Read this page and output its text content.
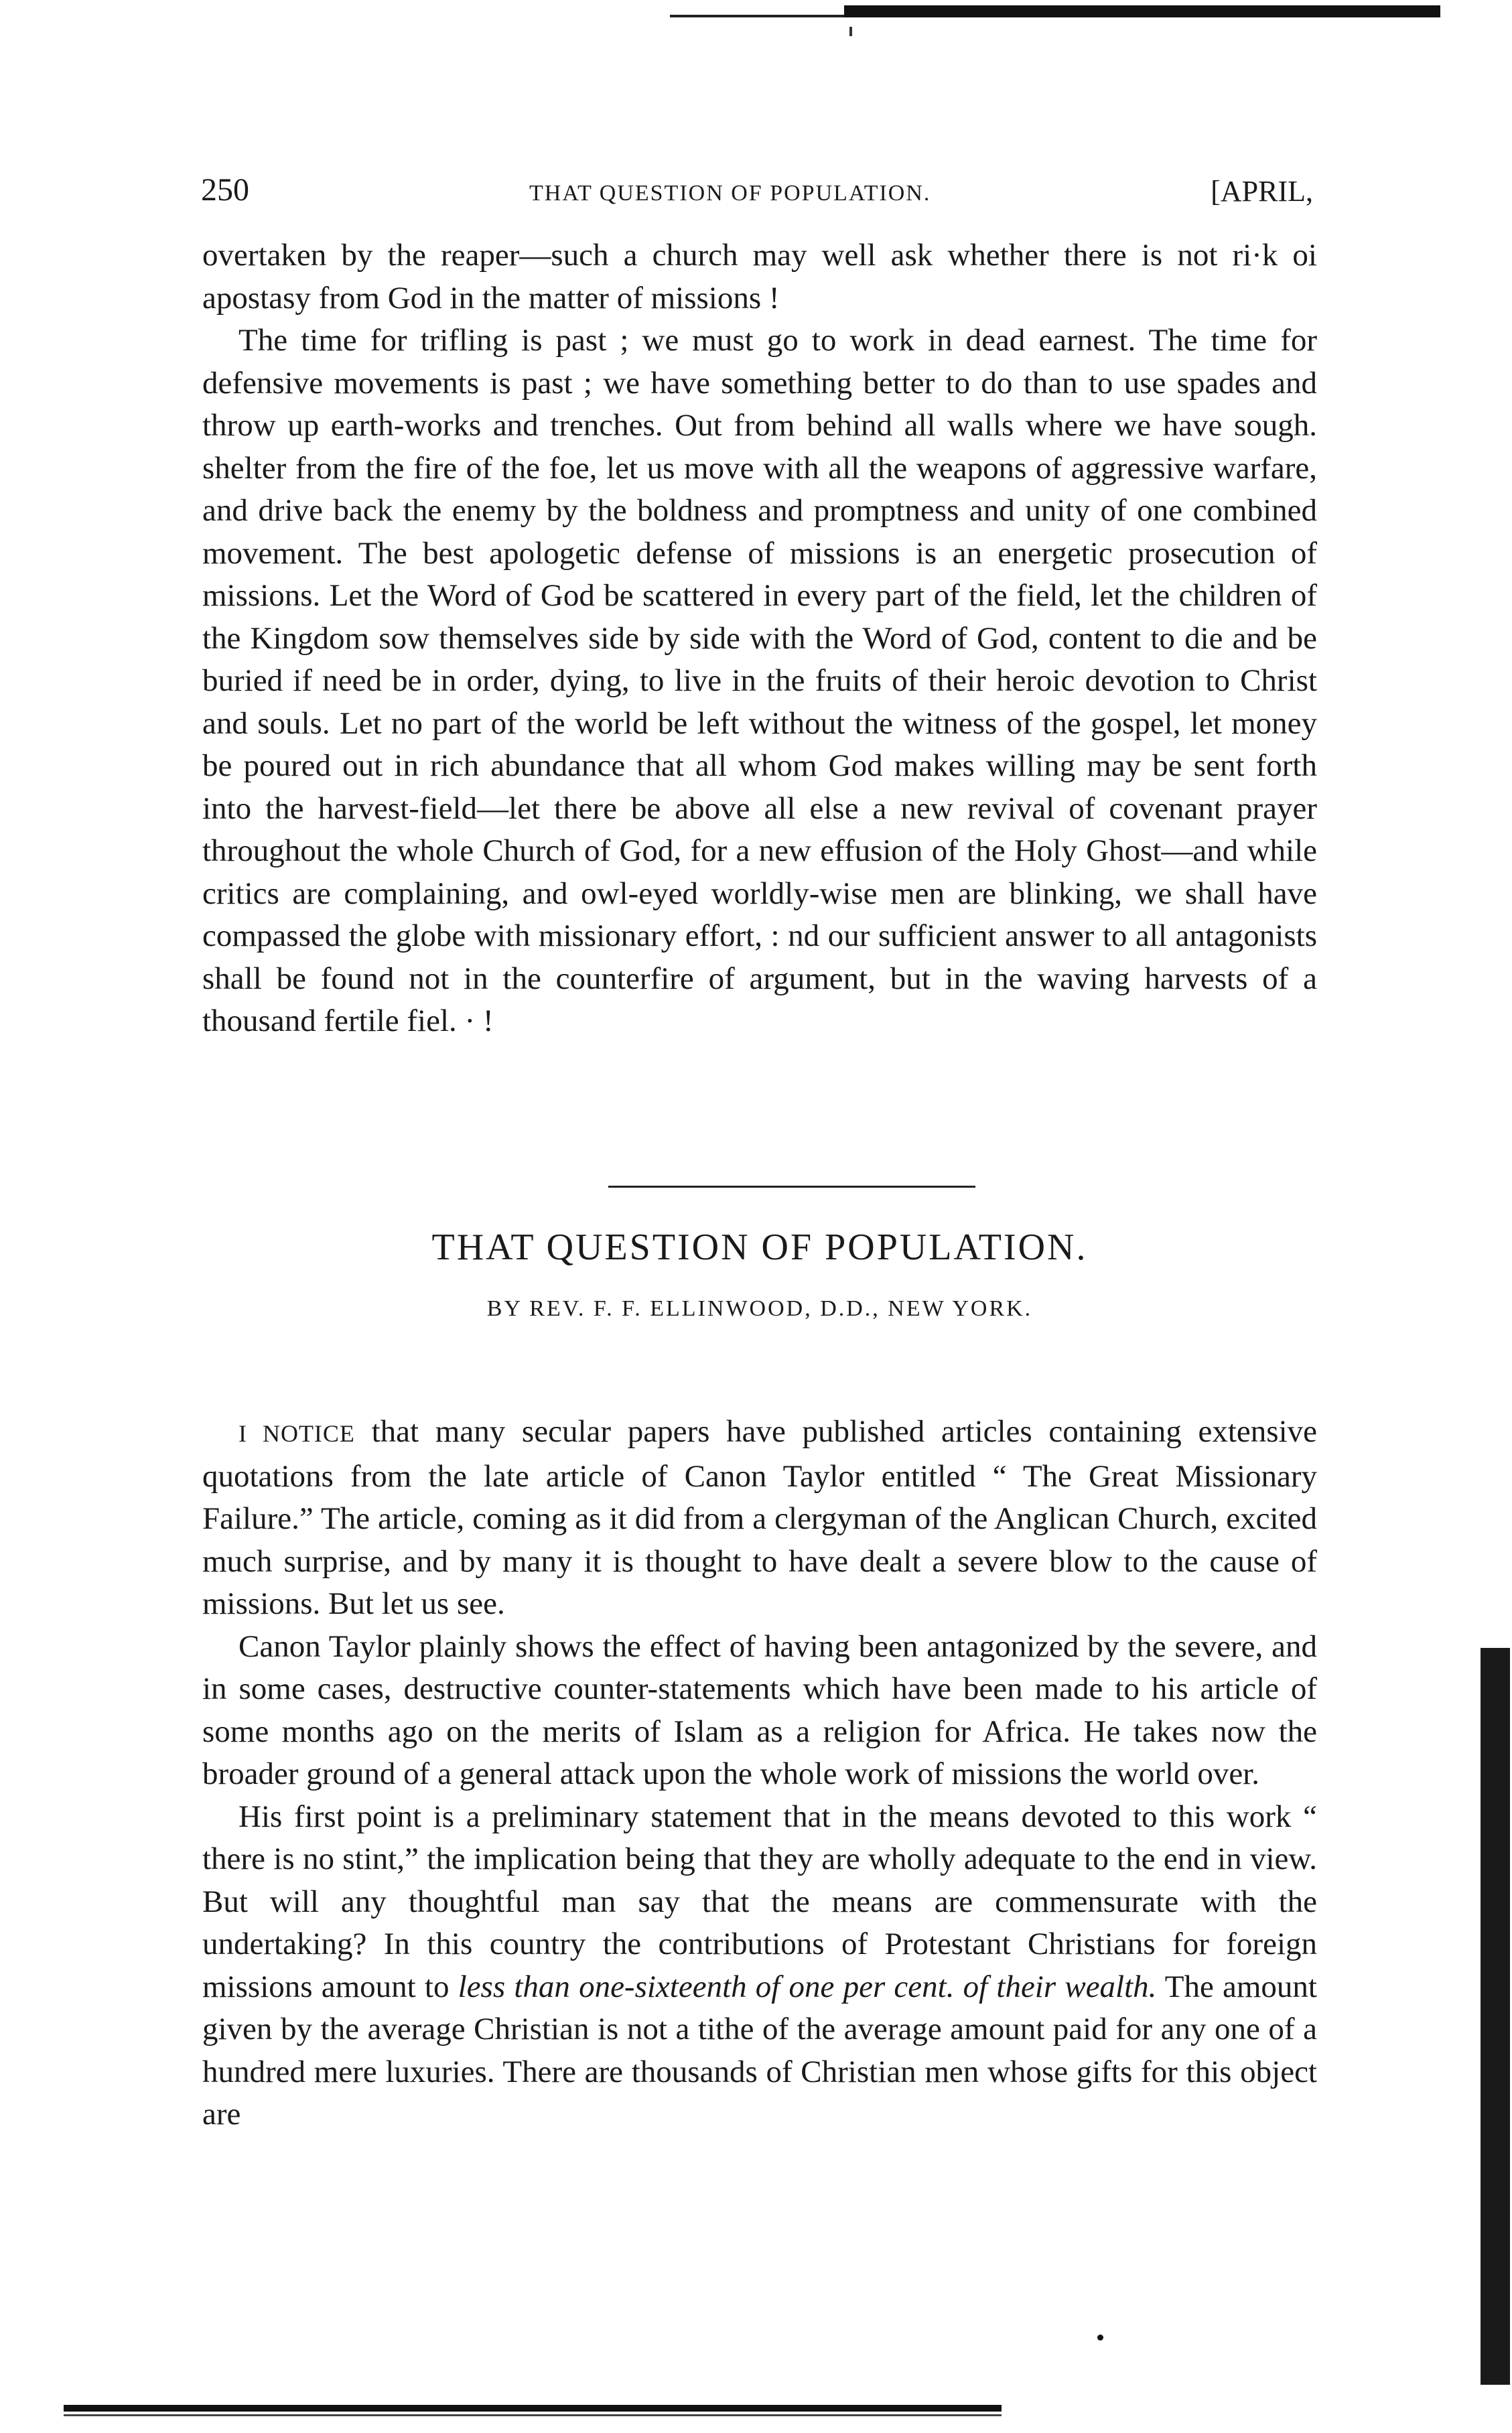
250	THAT QUESTION OF POPULATION.	[APRIL,

overtaken by the reaper—such a church may well ask whether there is not ri·k oi apostasy from God in the matter of missions !

The time for trifling is past ; we must go to work in dead earnest. The time for defensive movements is past ; we have something better to do than to use spades and throw up earth-works and trenches. Out from behind all walls where we have sough. shelter from the fire of the foe, let us move with all the weapons of aggressive warfare, and drive back the enemy by the boldness and promptness and unity of one combined movement. The best apologetic defense of missions is an energetic prosecution of missions. Let the Word of God be scattered in every part of the field, let the children of the Kingdom sow themselves side by side with the Word of God, content to die and be buried if need be in order, dying, to live in the fruits of their heroic devotion to Christ and souls. Let no part of the world be left without the witness of the gospel, let money be poured out in rich abundance that all whom God makes willing may be sent forth into the harvest-field—let there be above all else a new revival of covenant prayer throughout the whole Church of God, for a new effusion of the Holy Ghost—and while critics are complaining, and owl-eyed worldly-wise men are blinking, we shall have compassed the globe with missionary effort, : nd our sufficient answer to all antagonists shall be found not in the counterfire of argument, but in the waving harvests of a thousand fertile fiel. · !

THAT QUESTION OF POPULATION.
BY REV. F. F. ELLINWOOD, D.D., NEW YORK.

I NOTICE that many secular papers have published articles containing extensive quotations from the late article of Canon Taylor entitled “ The Great Missionary Failure.” The article, coming as it did from a clergyman of the Anglican Church, excited much surprise, and by many it is thought to have dealt a severe blow to the cause of missions. But let us see.

Canon Taylor plainly shows the effect of having been antagonized by the severe, and in some cases, destructive counter-statements which have been made to his article of some months ago on the merits of Islam as a religion for Africa. He takes now the broader ground of a general attack upon the whole work of missions the world over.

His first point is a preliminary statement that in the means devoted to this work “ there is no stint,” the implication being that they are wholly adequate to the end in view. But will any thoughtful man say that the means are commensurate with the undertaking? In this country the contributions of Protestant Christians for foreign missions amount to less than one-sixteenth of one per cent. of their wealth. The amount given by the average Christian is not a tithe of the average amount paid for any one of a hundred mere luxuries. There are thousands of Christian men whose gifts for this object are
